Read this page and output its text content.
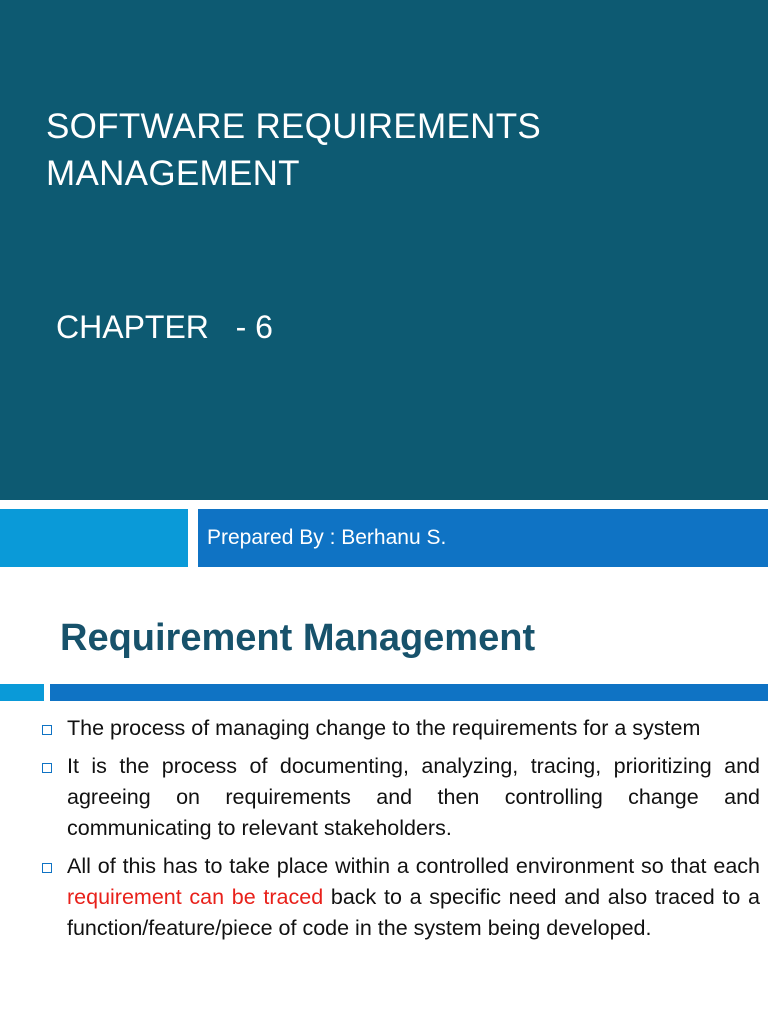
SOFTWARE REQUIREMENTS MANAGEMENT
CHAPTER   - 6
Prepared By : Berhanu S.
Requirement Management
The process of managing change to the requirements for a system
It is the process of documenting, analyzing, tracing, prioritizing and agreeing on requirements and then controlling change and communicating to relevant stakeholders.
All of this has to take place within a controlled environment so that each requirement can be traced back to a specific need and also traced to a function/feature/piece of code in the system being developed.
